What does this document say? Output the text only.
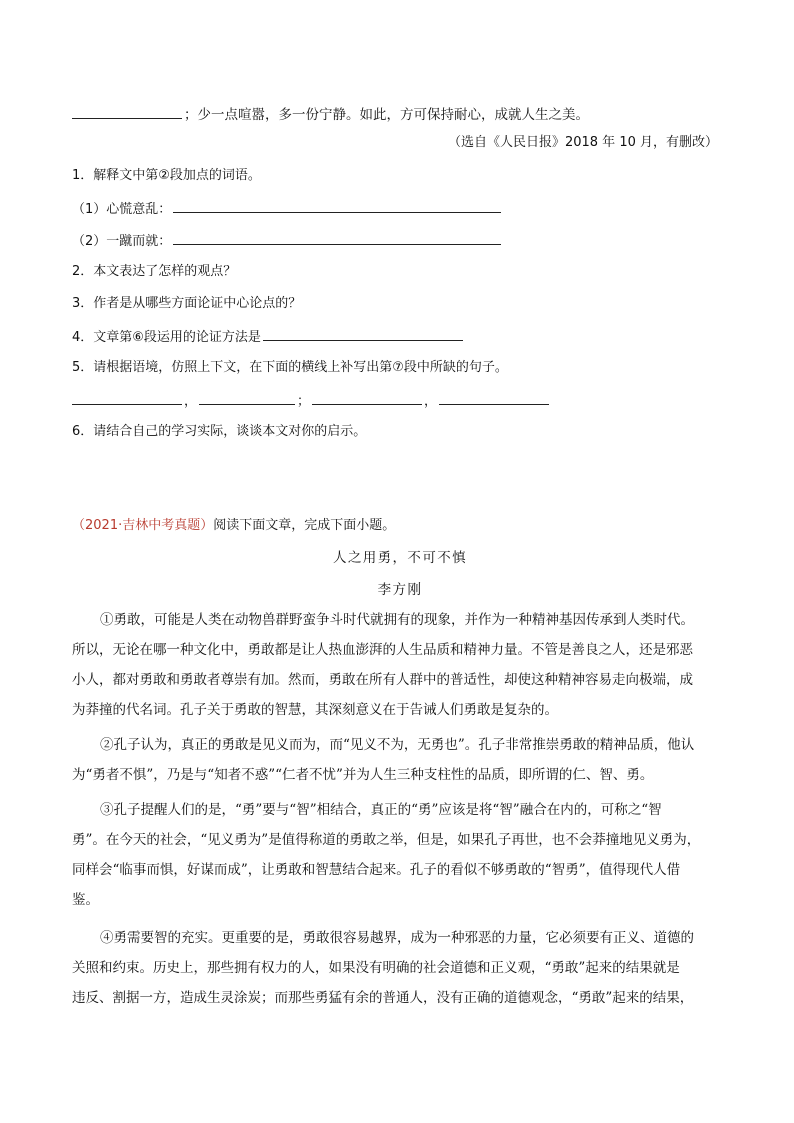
；少一点喧嚣，多一份宁静。如此，方可保持耐心，成就人生之美。
（选自《人民日报》2018 年 10 月，有删改）
1．解释文中第②段加点的词语。
（1）心慌意乱：
（2）一蹴而就：
2．本文表达了怎样的观点？
3．作者是从哪些方面论证中心论点的？
4．文章第⑥段运用的论证方法是
5．请根据语境，仿照上下文，在下面的横线上补写出第⑦段中所缺的句子。
，	；	，
6．请结合自己的学习实际，谈谈本文对你的启示。
（2021·吉林中考真题）阅读下面文章，完成下面小题。
人之用勇，不可不慎
李方刚
①勇敢，可能是人类在动物兽群野蛮争斗时代就拥有的现象，并作为一种精神基因传承到人类时代。
所以，无论在哪一种文化中，勇敢都是让人热血澎湃的人生品质和精神力量。不管是善良之人，还是邪恶
小人，都对勇敢和勇敢者尊崇有加。然而，勇敢在所有人群中的普适性，却使这种精神容易走向极端，成
为莽撞的代名词。孔子关于勇敢的智慧，其深刻意义在于告诫人们勇敢是复杂的。
②孔子认为，真正的勇敢是见义而为，而“见义不为，无勇也”。孔子非常推崇勇敢的精神品质，他认
为“勇者不惧”，乃是与“知者不惑”“仁者不忧”并为人生三种支柱性的品质，即所谓的仁、智、勇。
③孔子提醒人们的是，“勇”要与“智”相结合，真正的“勇”应该是将“智”融合在内的，可称之“智
勇”。在今天的社会，“见义勇为”是值得称道的勇敢之举，但是，如果孔子再世，也不会莽撞地见义勇为，
同样会“临事而惧，好谋而成”，让勇敢和智慧结合起来。孔子的看似不够勇敢的“智勇”，值得现代人借
鉴。
④勇需要智的充实。更重要的是，勇敢很容易越界，成为一种邪恶的力量，它必须要有正义、道德的
关照和约束。历史上，那些拥有权力的人，如果没有明确的社会道德和正义观，“勇敢”起来的结果就是
违反、割据一方，造成生灵涂炭；而那些勇猛有余的普通人，没有正确的道德观念，“勇敢”起来的结果，
